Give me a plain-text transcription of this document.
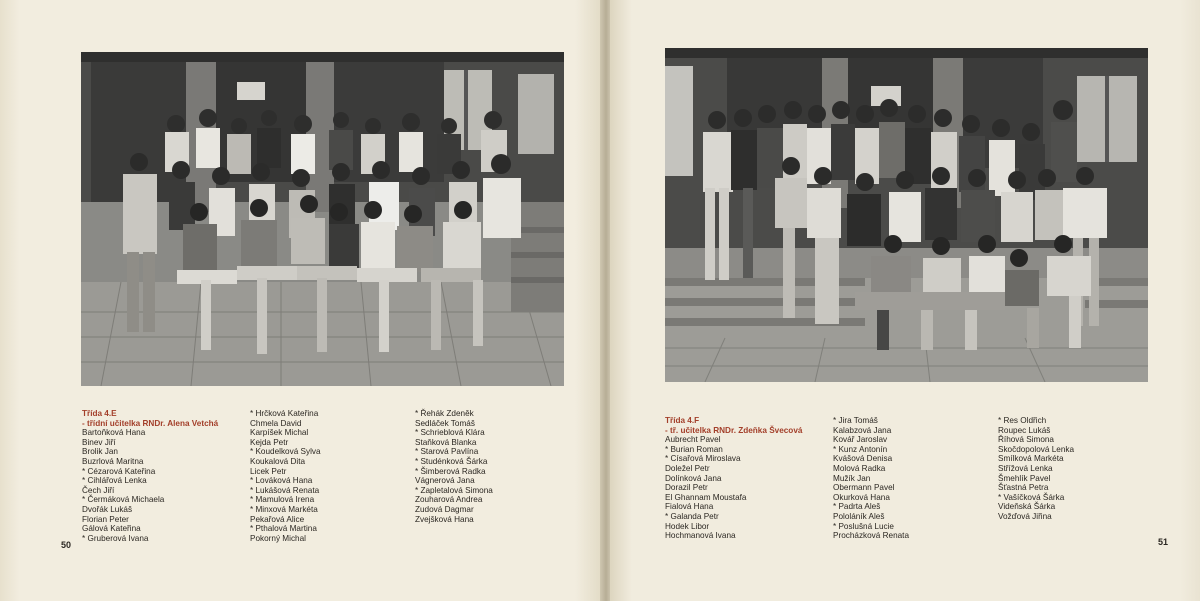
Třída 4.E
- třídní učitelka RNDr. Alena Vetchá
Bartoňková Hana
Binev Jiří
Brolik Jan
Buzrlová Maritna
* Cézarová Kateřina
* Cihlářová Lenka
Čech Jiří
* Čermáková Michaela
Dvořák Lukáš
Florian Peter
Gálová Kateřina
* Gruberová Ivana
* Hrčková Kateřina
Chmela David
Karpíšek Michal
Kejda Petr
* Koudelková Sylva
Koukalová Dita
Licek Petr
* Lováková Hana
* Lukášová Renata
* Mamulová Irena
* Minxová Markéta
Pekařová Alice
* Pthalová Martina
Pokorný Michal
* Řehák Zdeněk
Sedláček Tomáš
* Schrieblová Klára
Staňková Blanka
* Starová Pavlína
* Studénková Šárka
* Šimberová Radka
Vágnerová Jana
* Zapletalová Simona
Zouharová Andrea
Zudová Dagmar
Zvejšková Hana
50
Třída 4.F
- tř. učitelka RNDr. Zdeňka Švecová
Aubrecht Pavel
* Burian Roman
* Císařová Miroslava
Doležel Petr
Dolínková Jana
Dorazil Petr
El Ghannam Moustafa
Fialová Hana
* Galanda Petr
Hodek Libor
Hochmanová Ivana
* Jira Tomáš
Kalabzová Jana
Kovář Jaroslav
* Kunz Antonín
Kvášová Denisa
Molová Radka
Mužík Jan
Obermann Pavel
Okurková Hana
* Padrta Aleš
Pololáník Aleš
* Poslušná Lucie
Procházková Renata
* Res Oldřich
Roupec Lukáš
Říhová Simona
Skočdopolová Lenka
Smílková Markéta
Střížová Lenka
Šmehlík Pavel
Šťastná Petra
* Vašíčková Šárka
Videňská Šárka
Vožďová Jiřina
51
